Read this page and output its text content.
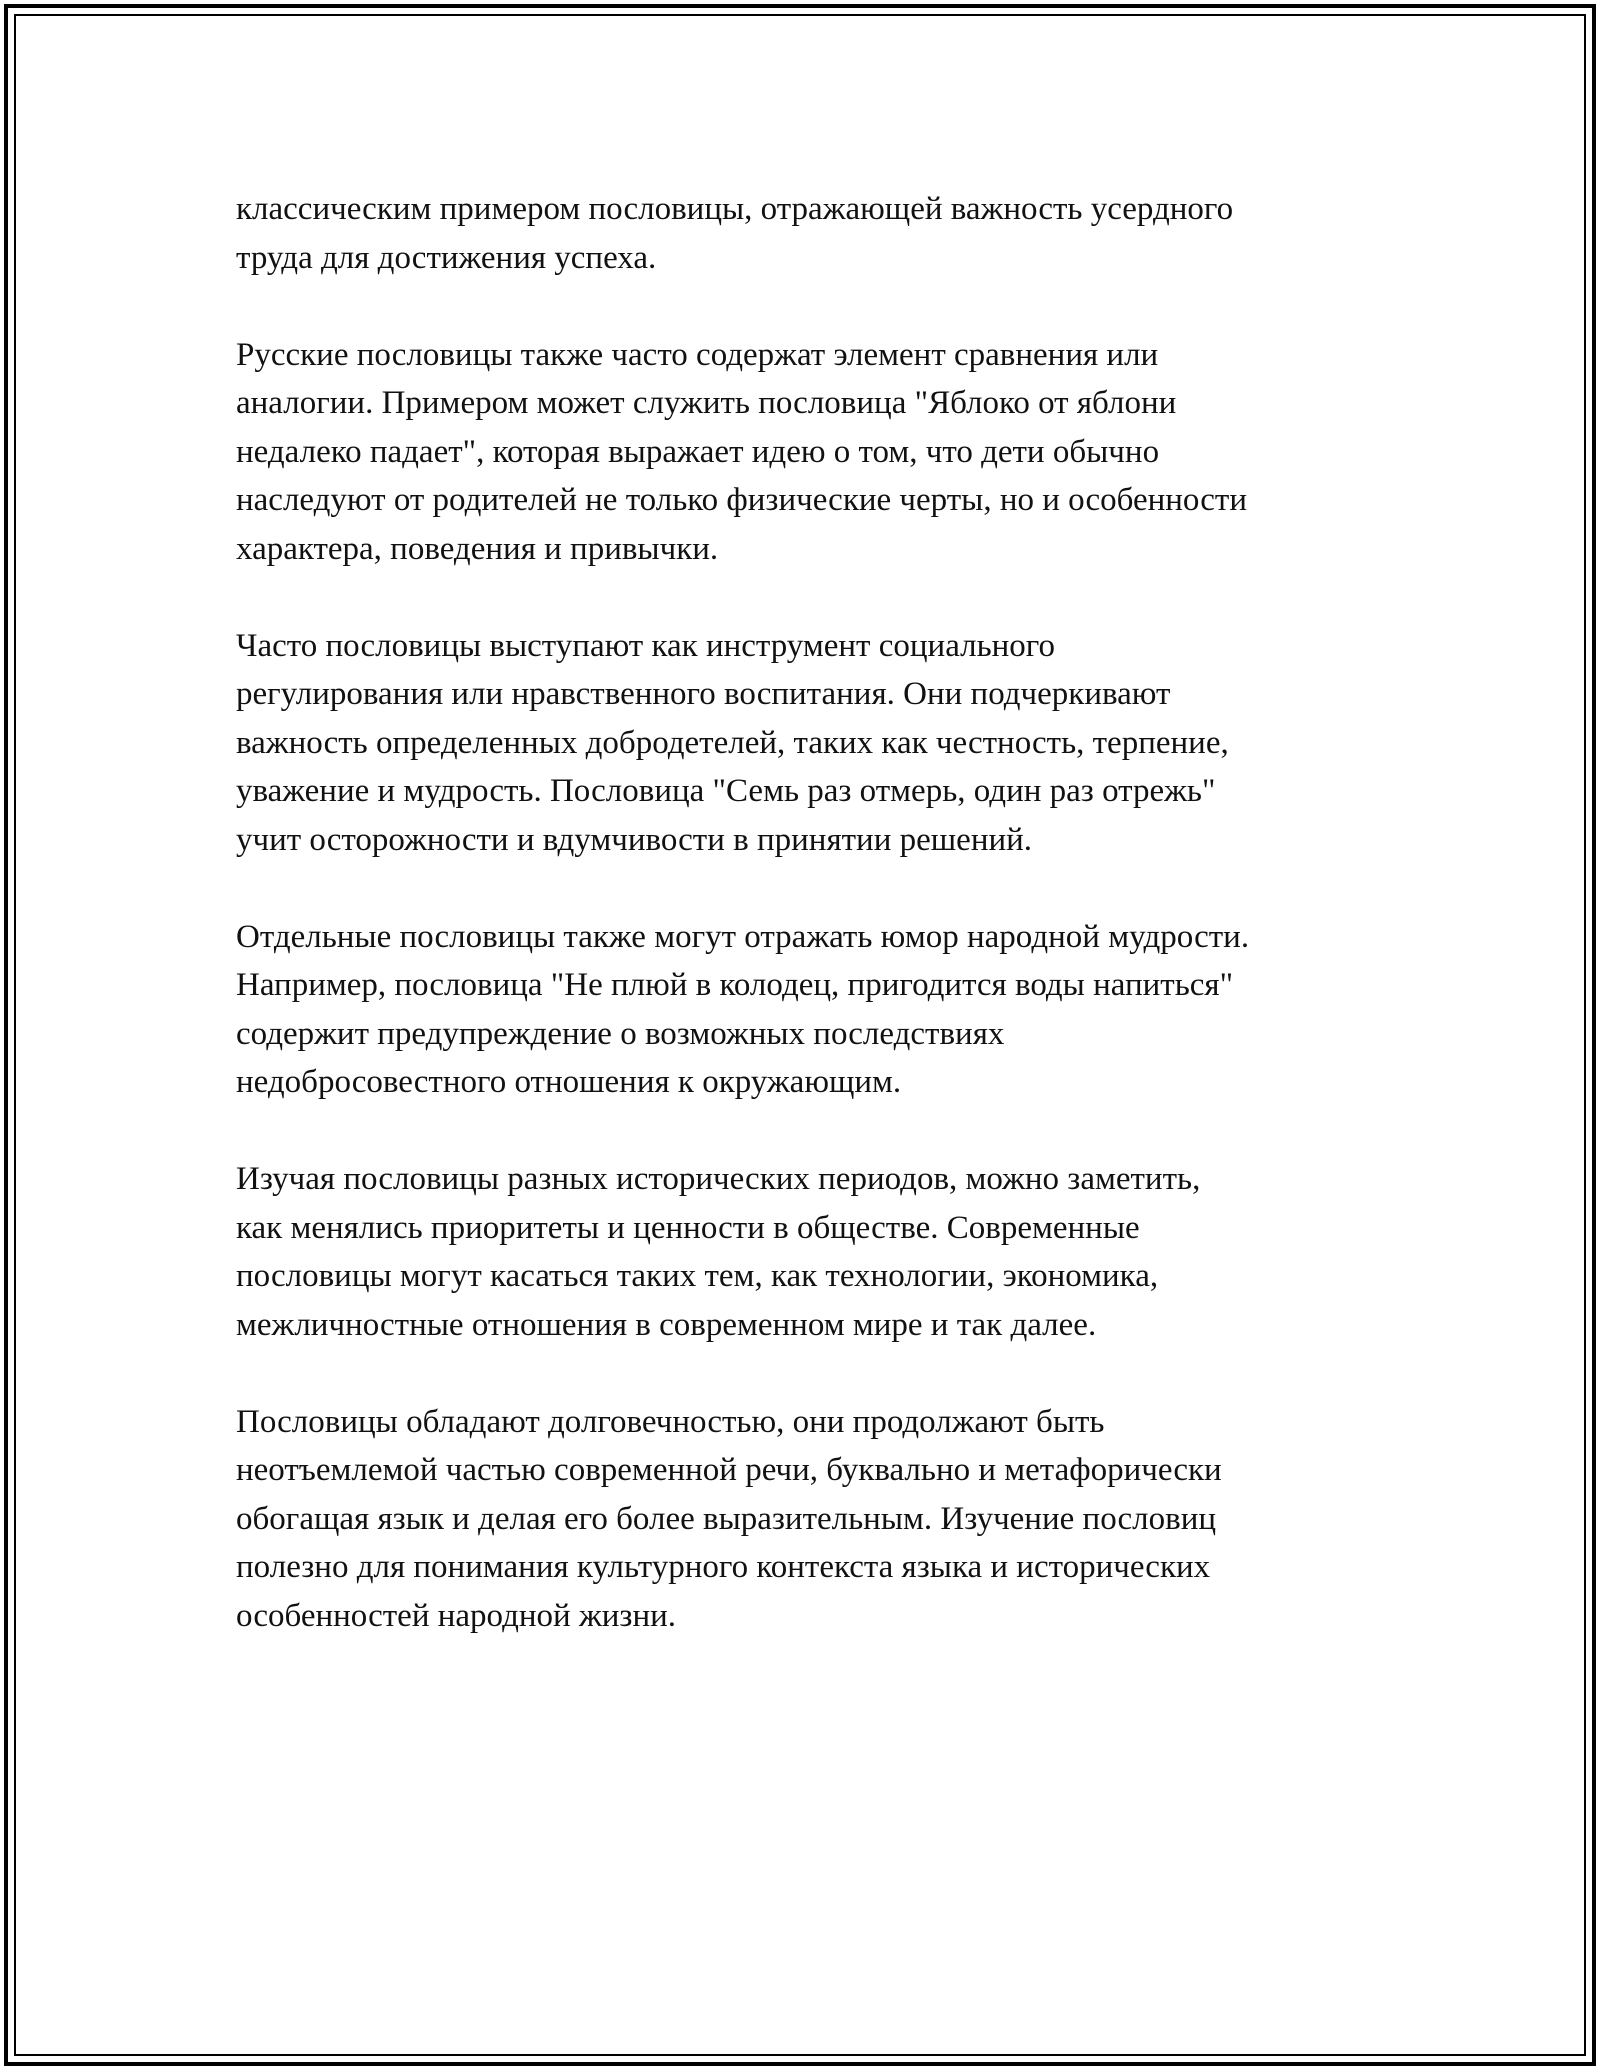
классическим примером пословицы, отражающей важность усердного
труда для достижения успеха.
Русские пословицы также часто содержат элемент сравнения или
аналогии. Примером может служить пословица "Яблоко от яблони
недалеко падает", которая выражает идею о том, что дети обычно
наследуют от родителей не только физические черты, но и особенности
характера, поведения и привычки.
Часто пословицы выступают как инструмент социального
регулирования или нравственного воспитания. Они подчеркивают
важность определенных добродетелей, таких как честность, терпение,
уважение и мудрость. Пословица "Семь раз отмерь, один раз отрежь"
учит осторожности и вдумчивости в принятии решений.
Отдельные пословицы также могут отражать юмор народной мудрости.
Например, пословица "Не плюй в колодец, пригодится воды напиться"
содержит предупреждение о возможных последствиях
недобросовестного отношения к окружающим.
Изучая пословицы разных исторических периодов, можно заметить,
как менялись приоритеты и ценности в обществе. Современные
пословицы могут касаться таких тем, как технологии, экономика,
межличностные отношения в современном мире и так далее.
Пословицы обладают долговечностью, они продолжают быть
неотъемлемой частью современной речи, буквально и метафорически
обогащая язык и делая его более выразительным. Изучение пословиц
полезно для понимания культурного контекста языка и исторических
особенностей народной жизни.
